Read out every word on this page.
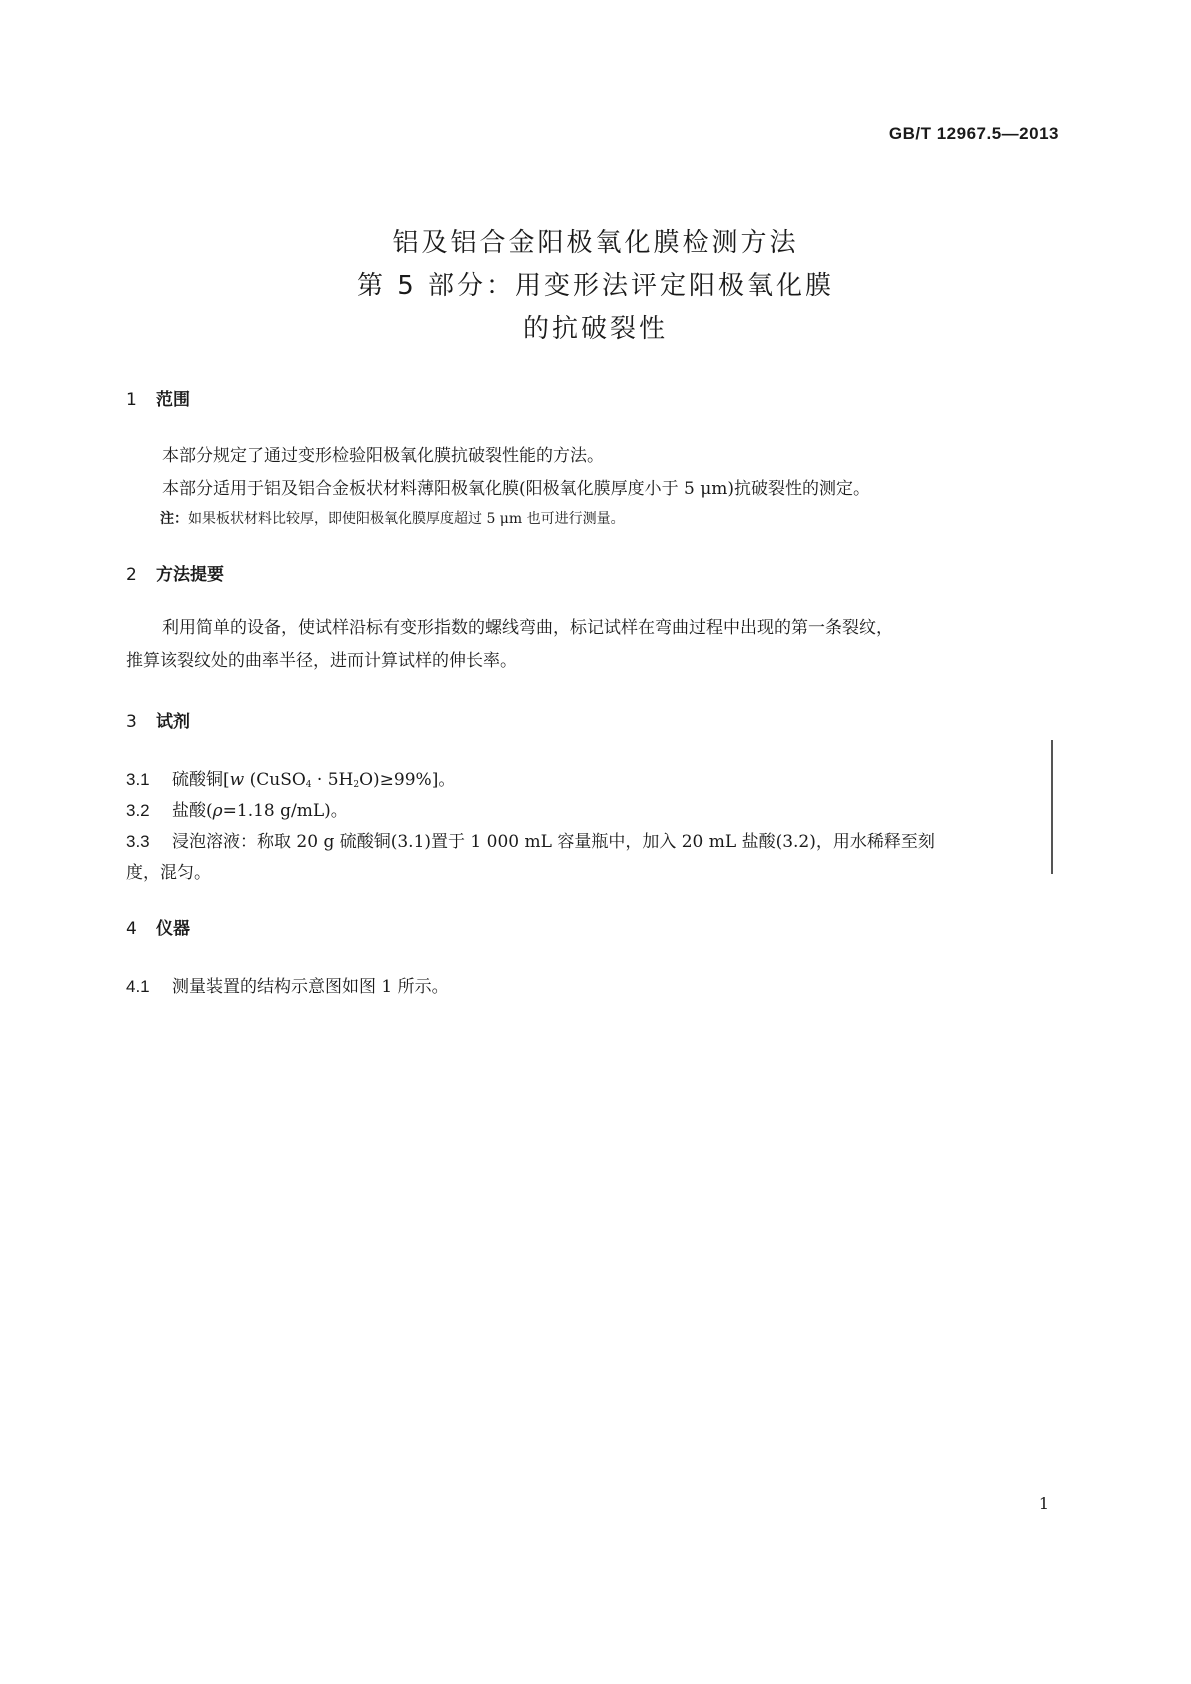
GB/T 12967.5—2013
铝及铝合金阳极氧化膜检测方法
第 5 部分：用变形法评定阳极氧化膜
的抗破裂性
1 范围
本部分规定了通过变形检验阳极氧化膜抗破裂性能的方法。
本部分适用于铝及铝合金板状材料薄阳极氧化膜(阳极氧化膜厚度小于 5 μm)抗破裂性的测定。
注：如果板状材料比较厚，即使阳极氧化膜厚度超过 5 μm 也可进行测量。
2 方法提要
利用简单的设备，使试样沿标有变形指数的螺线弯曲，标记试样在弯曲过程中出现的第一条裂纹，
推算该裂纹处的曲率半径，进而计算试样的伸长率。
3 试剂
3.1 硫酸铜[w (CuSO$_4$ · $5H_2O)\ge 99\%$]。
3.2 盐酸(ρ=1.18 g/mL)。
3.3 浸泡溶液：称取 20 g 硫酸铜(3.1)置于 1 000 mL 容量瓶中，加入 20 mL 盐酸(3.2)，用水稀释至刻
度，混匀。
4 仪器
4.1 测量装置的结构示意图如图 1 所示。
1
